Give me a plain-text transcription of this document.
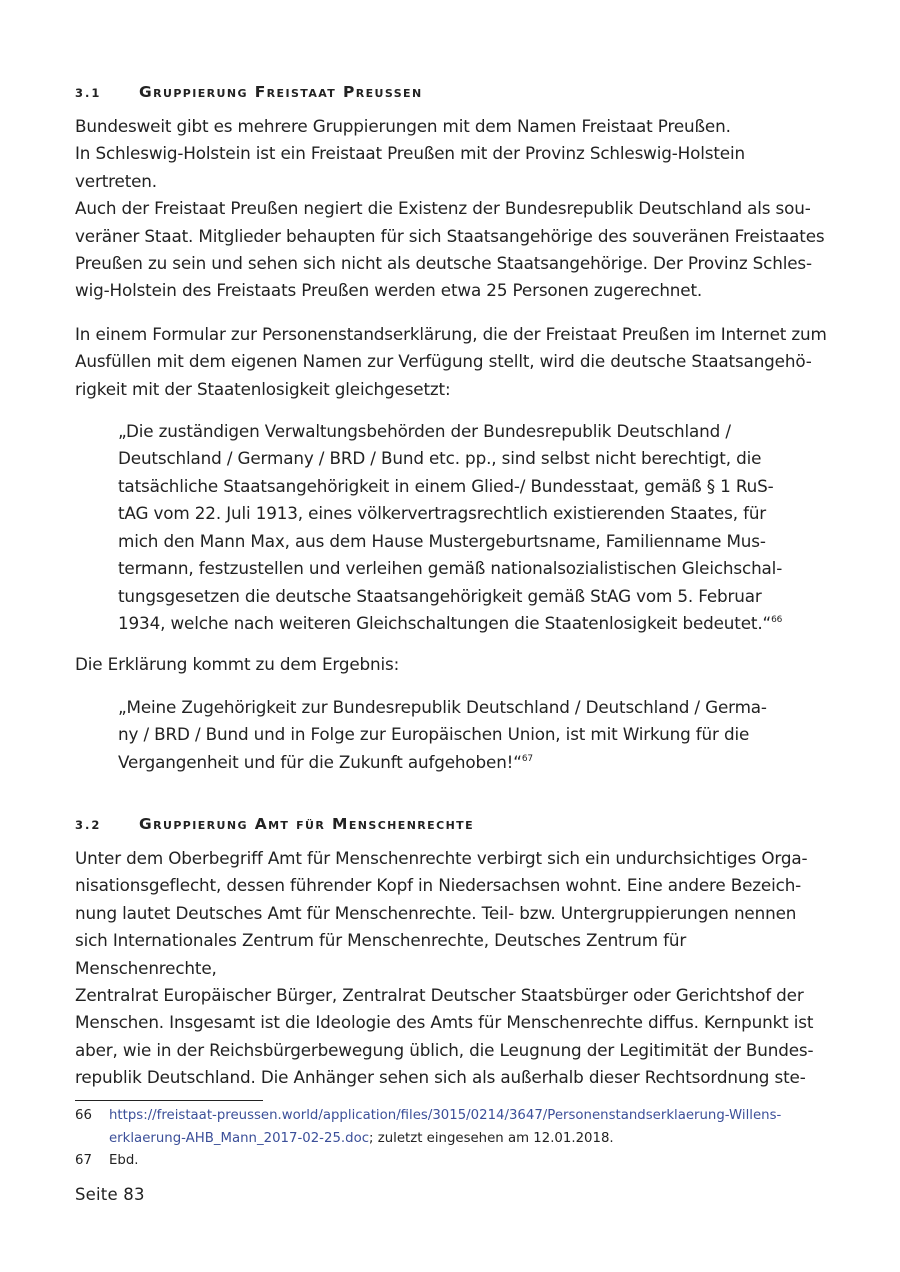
3.1	Gruppierung Freistaat Preussen

Bundesweit gibt es mehrere Gruppierungen mit dem Namen Freistaat Preußen.
In Schleswig-Holstein ist ein Freistaat Preußen mit der Provinz Schleswig-Holstein vertreten.
Auch der Freistaat Preußen negiert die Existenz der Bundesrepublik Deutschland als sou-
veräner Staat. Mitglieder behaupten für sich Staatsangehörige des souveränen Freistaates
Preußen zu sein und sehen sich nicht als deutsche Staatsangehörige. Der Provinz Schles-
wig-Holstein des Freistaats Preußen werden etwa 25 Personen zugerechnet.

In einem Formular zur Personenstandserklärung, die der Freistaat Preußen im Internet zum
Ausfüllen mit dem eigenen Namen zur Verfügung stellt, wird die deutsche Staatsangehö-
rigkeit mit der Staatenlosigkeit gleichgesetzt:

„Die zuständigen Verwaltungsbehörden der Bundesrepublik Deutschland /
Deutschland / Germany / BRD / Bund etc. pp., sind selbst nicht berechtigt, die
tatsächliche Staatsangehörigkeit in einem Glied-/ Bundesstaat, gemäß § 1 RuS-
tAG vom 22. Juli 1913, eines völkervertragsrechtlich existierenden Staates, für
mich den Mann Max, aus dem Hause Mustergeburtsname, Familienname Mus-
termann, festzustellen und verleihen gemäß nationalsozialistischen Gleichschal-
tungsgesetzen die deutsche Staatsangehörigkeit gemäß StAG vom 5. Februar
1934, welche nach weiteren Gleichschaltungen die Staatenlosigkeit bedeutet.“$^{66}$

Die Erklärung kommt zu dem Ergebnis:

„Meine Zugehörigkeit zur Bundesrepublik Deutschland / Deutschland / Germa-
ny / BRD / Bund und in Folge zur Europäischen Union, ist mit Wirkung für die
Vergangenheit und für die Zukunft aufgehoben!“$^{67}$
3.2	Gruppierung Amt für Menschenrechte

Unter dem Oberbegriff Amt für Menschenrechte verbirgt sich ein undurchsichtiges Orga-
nisationsgeflecht, dessen führender Kopf in Niedersachsen wohnt. Eine andere Bezeich-
nung lautet Deutsches Amt für Menschenrechte. Teil- bzw. Untergruppierungen nennen
sich Internationales Zentrum für Menschenrechte, Deutsches Zentrum für Menschenrechte,
Zentralrat Europäischer Bürger, Zentralrat Deutscher Staatsbürger oder Gerichtshof der
Menschen. Insgesamt ist die Ideologie des Amts für Menschenrechte diffus. Kernpunkt ist
aber, wie in der Reichsbürgerbewegung üblich, die Leugnung der Legitimität der Bundes-
republik Deutschland. Die Anhänger sehen sich als außerhalb dieser Rechtsordnung ste-

66	https://freistaat-preussen.world/application/files/3015/0214/3647/Personenstandserklaerung-Willens-
erklaerung-AHB_Mann_2017-02-25.doc; zuletzt eingesehen am 12.01.2018.
67	Ebd.
Seite 83
